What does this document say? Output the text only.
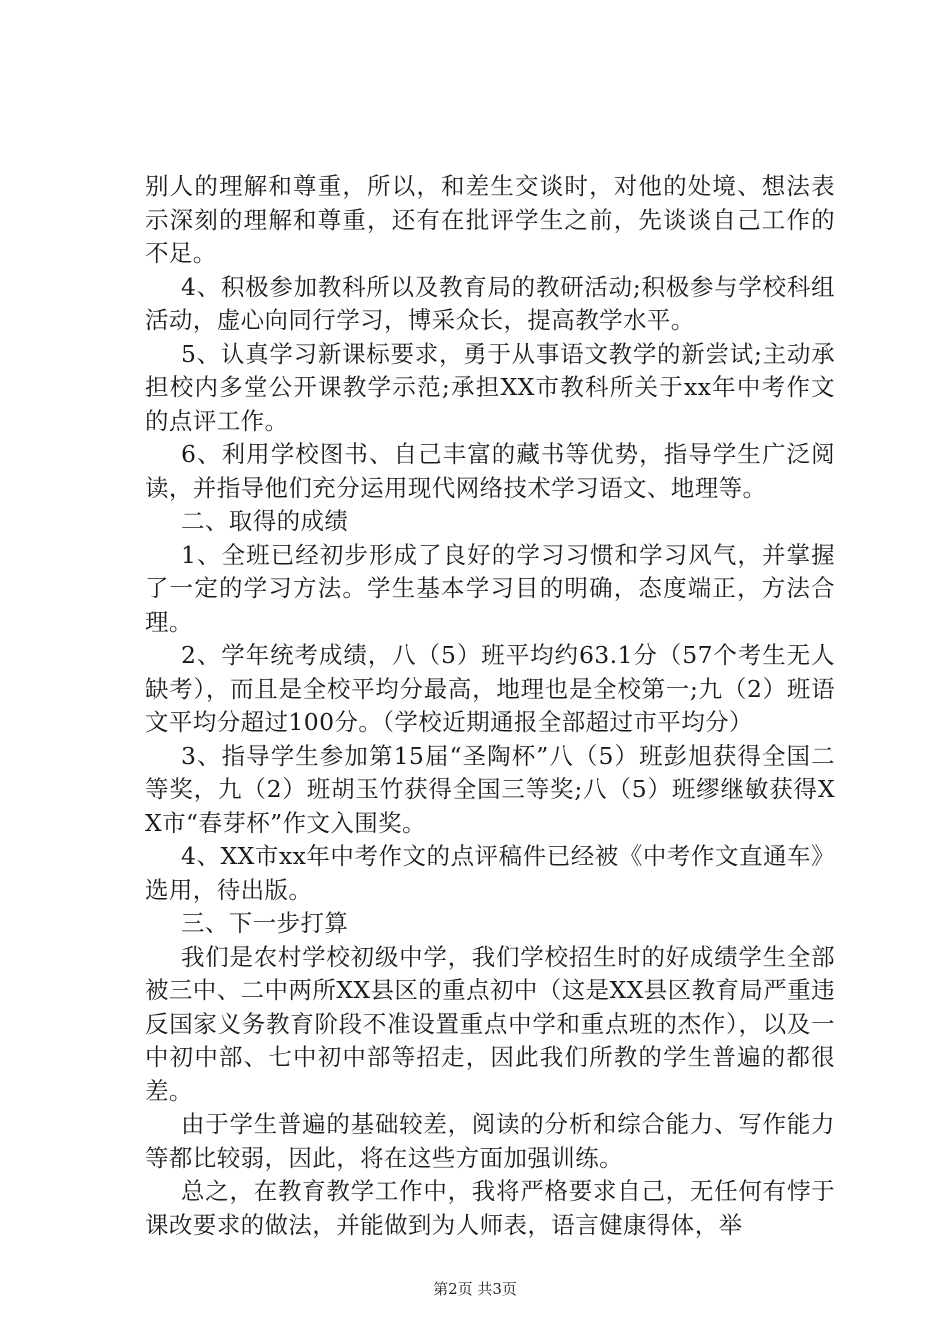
别人的理解和尊重，所以，和差生交谈时，对他的处境、想法表示深刻的理解和尊重，还有在批评学生之前，先谈谈自己工作的不足。

4、积极参加教科所以及教育局的教研活动;积极参与学校科组活动，虚心向同行学习，博采众长，提高教学水平。

5、认真学习新课标要求，勇于从事语文教学的新尝试;主动承担校内多堂公开课教学示范;承担XX市教科所关于xx年中考作文的点评工作。

6、利用学校图书、自己丰富的藏书等优势，指导学生广泛阅读，并指导他们充分运用现代网络技术学习语文、地理等。

二、取得的成绩

1、全班已经初步形成了良好的学习习惯和学习风气，并掌握了一定的学习方法。学生基本学习目的明确，态度端正，方法合理。

2、学年统考成绩，八（5）班平均约63.1分（57个考生无人缺考），而且是全校平均分最高，地理也是全校第一;九（2）班语文平均分超过100分。（学校近期通报全部超过市平均分）

3、指导学生参加第15届“圣陶杯”八（5）班彭旭获得全国二等奖，九（2）班胡玉竹获得全国三等奖;八（5）班缪继敏获得XX市“春芽杯”作文入围奖。

4、XX市xx年中考作文的点评稿件已经被《中考作文直通车》选用，待出版。

三、下一步打算

我们是农村学校初级中学，我们学校招生时的好成绩学生全部被三中、二中两所XX县区的重点初中（这是XX县区教育局严重违反国家义务教育阶段不准设置重点中学和重点班的杰作），以及一中初中部、七中初中部等招走，因此我们所教的学生普遍的都很差。

由于学生普遍的基础较差，阅读的分析和综合能力、写作能力等都比较弱，因此，将在这些方面加强训练。

总之，在教育教学工作中，我将严格要求自己，无任何有悖于课改要求的做法，并能做到为人师表，语言健康得体，举

第2页 共3页
